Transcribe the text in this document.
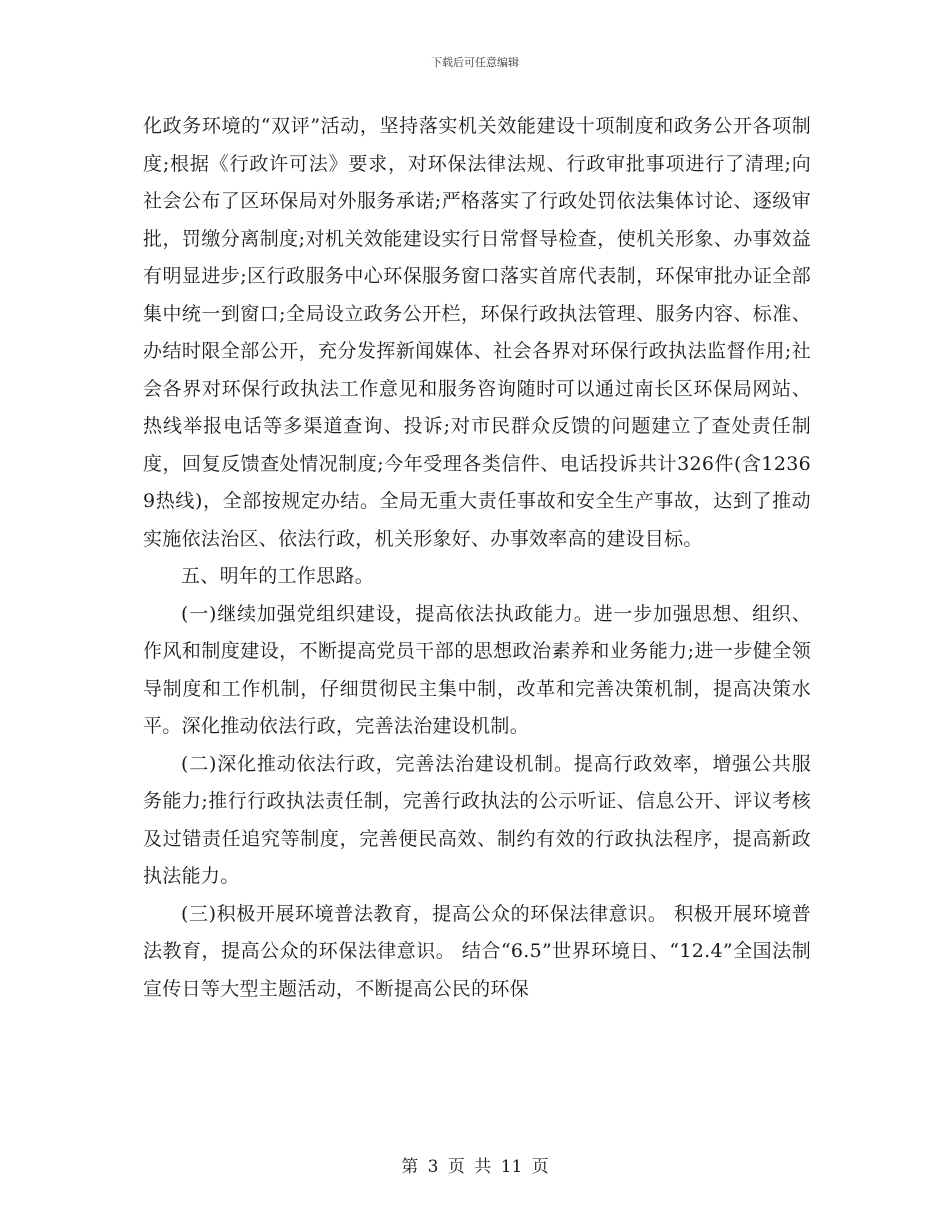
下载后可任意编辑

化政务环境的“双评”活动，坚持落实机关效能建设十项制度和政务公开各项制度;根据《行政许可法》要求，对环保法律法规、行政审批事项进行了清理;向社会公布了区环保局对外服务承诺;严格落实了行政处罚依法集体讨论、逐级审批，罚缴分离制度;对机关效能建设实行日常督导检查，使机关形象、办事效益有明显进步;区行政服务中心环保服务窗口落实首席代表制，环保审批办证全部集中统一到窗口;全局设立政务公开栏，环保行政执法管理、服务内容、标准、办结时限全部公开，充分发挥新闻媒体、社会各界对环保行政执法监督作用;社会各界对环保行政执法工作意见和服务咨询随时可以通过南长区环保局网站、热线举报电话等多渠道查询、投诉;对市民群众反馈的问题建立了查处责任制度，回复反馈查处情况制度;今年受理各类信件、电话投诉共计326件(含12369热线)，全部按规定办结。全局无重大责任事故和安全生产事故，达到了推动实施依法治区、依法行政，机关形象好、办事效率高的建设目标。

五、明年的工作思路。

(一)继续加强党组织建设，提高依法执政能力。进一步加强思想、组织、作风和制度建设，不断提高党员干部的思想政治素养和业务能力;进一步健全领导制度和工作机制，仔细贯彻民主集中制，改革和完善决策机制，提高决策水平。深化推动依法行政，完善法治建设机制。

(二)深化推动依法行政，完善法治建设机制。提高行政效率，增强公共服务能力;推行行政执法责任制，完善行政执法的公示听证、信息公开、评议考核及过错责任追究等制度，完善便民高效、制约有效的行政执法程序，提高新政执法能力。

(三)积极开展环境普法教育，提高公众的环保法律意识。 积极开展环境普法教育，提高公众的环保法律意识。 结合“6.5”世界环境日、“12.4”全国法制宣传日等大型主题活动，不断提高公民的环保

第 3 页 共 11 页
